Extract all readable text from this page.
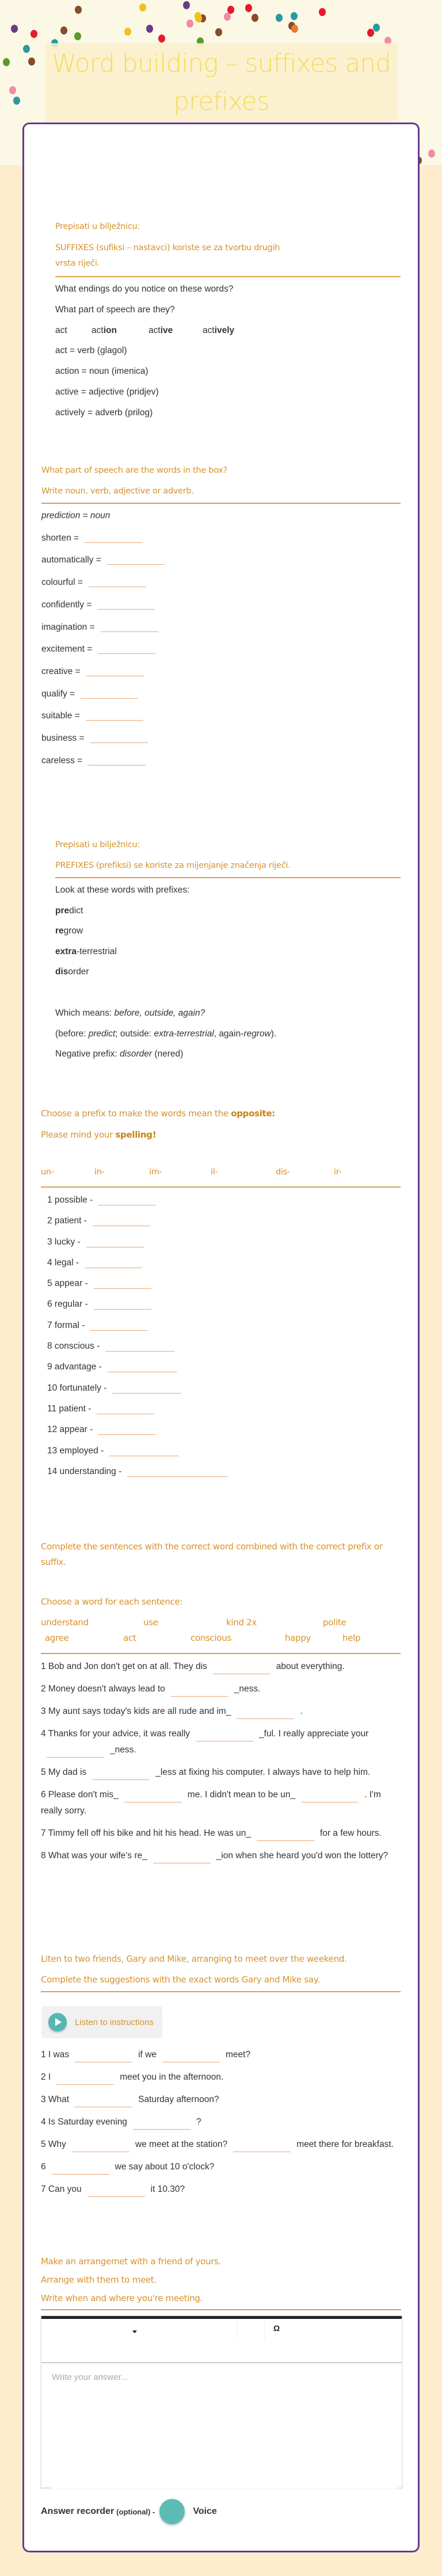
Word building – suffixes and prefixes
Prepisati u bilježnicu:
SUFFIXES (sufiksi – nastavci) koriste se za tvorbu drugih vrsta riječi.
What endings do you notice on these words?
What part of speech are they?
act	action	active	actively
act = verb (glagol)
action = noun (imenica)
active = adjective (pridjev)
actively = adverb (prilog)
What part of speech are the words in the box?
Write noun, verb, adjective or adverb.
prediction = noun
shorten =
automatically =
colourful =
confidently =
imagination =
excitement =
creative =
qualify =
suitable =
business =
careless =
Prepisati u bilježnicu:
PREFIXES (prefiksi) se koriste za mijenjanje značenja riječi.
Look at these words with prefixes:
predict
regrow
extra-terrestrial
disorder
Which means: before, outside, again?
(before: predict; outside: extra-terrestrial, again-regrow).
Negative prefix: disorder (nered)
Choose a prefix to make the words mean the opposite:
Please mind your spelling!
un-	in-	im-	il-	dis-	ir-
1 possible -
2 patient -
3 lucky -
4 legal -
5 appear -
6 regular -
7 formal -
8 conscious -
9 advantage -
10 fortunately -
11 patient -
12 appear -
13 employed -
14 understanding -
Complete the sentences with the correct word combined with the correct prefix or suffix.
Choose a word for each sentence:
understand	use	kind 2x	polite
agree	act	conscious	happy	help
1 Bob and Jon don't get on at all. They dis	about everything.
2 Money doesn't always lead to	_ness.
3 My aunt says today's kids are all rude and im_	.
4 Thanks for your advice, it was really	_ful. I really appreciate your_ness.
5 My dad is	_less at fixing his computer. I always have to help him.
6 Please don't mis_	me. I didn't mean to be un_	. I'm really sorry.
7 Timmy fell off his bike and hit his head. He was un_	for a few hours.
8 What was your wife's re_	_ion when she heard you'd won the lottery?
Liten to two friends, Gary and Mike, arranging to meet over the weekend.
Complete the suggestions with the exact words Gary and Mike say.
Listen to instructions
1 I was	if we	meet?
2 I	meet you in the afternoon.
3 What	Saturday afternoon?
4 Is Saturday evening	?
5 Why	we meet at the station?	meet there for breakfast.
6	we say about 10 o'clock?
7 Can you	it 10.30?
Make an arrangemet with a friend of yours.
Arrange with them to meet.
Write when and where you're meeting.
Ω
Write your answer...
Answer recorder (optional) -	Voice
